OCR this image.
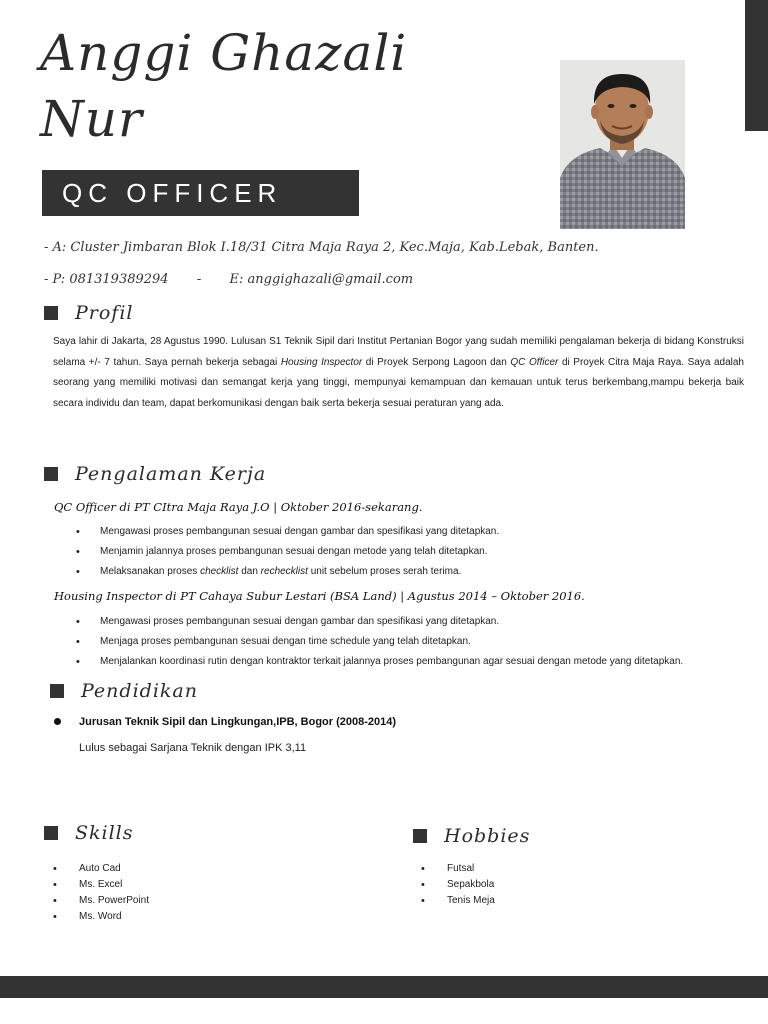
Anggi Ghazali
Nur
QC OFFICER
- A: Cluster Jimbaran Blok I.18/31 Citra Maja Raya 2, Kec.Maja, Kab.Lebak, Banten.
- P: 081319389294 - E: anggighazali@gmail.com
Profil
Saya lahir di Jakarta, 28 Agustus 1990. Lulusan S1 Teknik Sipil dari Institut Pertanian Bogor yang sudah memiliki pengalaman bekerja di bidang Konstruksi selama +/- 7 tahun. Saya pernah bekerja sebagai Housing Inspector di Proyek Serpong Lagoon dan QC Officer di Proyek Citra Maja Raya. Saya adalah seorang yang memiliki motivasi dan semangat kerja yang tinggi, mempunyai kemampuan dan kemauan untuk terus berkembang,mampu bekerja baik secara individu dan team, dapat berkomunikasi dengan baik serta bekerja sesuai peraturan yang ada.
Pengalaman Kerja
QC Officer di PT CItra Maja Raya J.O | Oktober 2016-sekarang.
• Mengawasi proses pembangunan sesuai dengan gambar dan spesifikasi yang ditetapkan.
• Menjamin jalannya proses pembangunan sesuai dengan metode yang telah ditetapkan.
• Melaksanakan proses checklist dan rechecklist unit sebelum proses serah terima.
Housing Inspector di PT Cahaya Subur Lestari (BSA Land) | Agustus 2014 – Oktober 2016.
• Mengawasi proses pembangunan sesuai dengan gambar dan spesifikasi yang ditetapkan.
• Menjaga proses pembangunan sesuai dengan time schedule yang telah ditetapkan.
• Menjalankan koordinasi rutin dengan kontraktor terkait jalannya proses pembangunan agar sesuai dengan metode yang ditetapkan.
Pendidikan
Jurusan Teknik Sipil dan Lingkungan,IPB, Bogor (2008-2014)
Lulus sebagai Sarjana Teknik dengan IPK 3,11
Skills
• Auto Cad
• Ms. Excel
• Ms. PowerPoint
• Ms. Word
Hobbies
• Futsal
• Sepakbola
• Tenis Meja
